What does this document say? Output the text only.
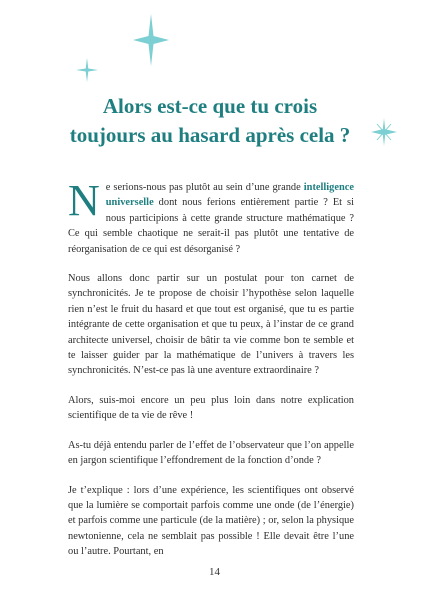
Alors est-ce que tu crois
toujours au hasard après cela ?

Ne serions-nous pas plutôt au sein d’une grande intelligence universelle dont nous ferions entièrement partie ? Et si nous participions à cette grande structure mathématique ? Ce qui semble chaotique ne serait-il pas plutôt une tentative de réorganisation de ce qui est désorganisé ?

Nous allons donc partir sur un postulat pour ton carnet de synchronicités. Je te propose de choisir l’hypothèse selon laquelle rien n’est le fruit du hasard et que tout est organisé, que tu es partie intégrante de cette organisation et que tu peux, à l’instar de ce grand architecte universel, choisir de bâtir ta vie comme bon te semble et te laisser guider par la mathématique de l’univers à travers les synchronicités. N’est-ce pas là une aventure extraordinaire ?

Alors, suis-moi encore un peu plus loin dans notre explication scientifique de ta vie de rêve !

As-tu déjà entendu parler de l’effet de l’observateur que l’on appelle en jargon scientifique l’effondrement de la fonction d’onde ?

Je t’explique : lors d’une expérience, les scientifiques ont observé que la lumière se comportait parfois comme une onde (de l’énergie) et parfois comme une particule (de la matière) ; or, selon la physique newtonienne, cela ne semblait pas possible ! Elle devait être l’une ou l’autre. Pourtant, en

14
